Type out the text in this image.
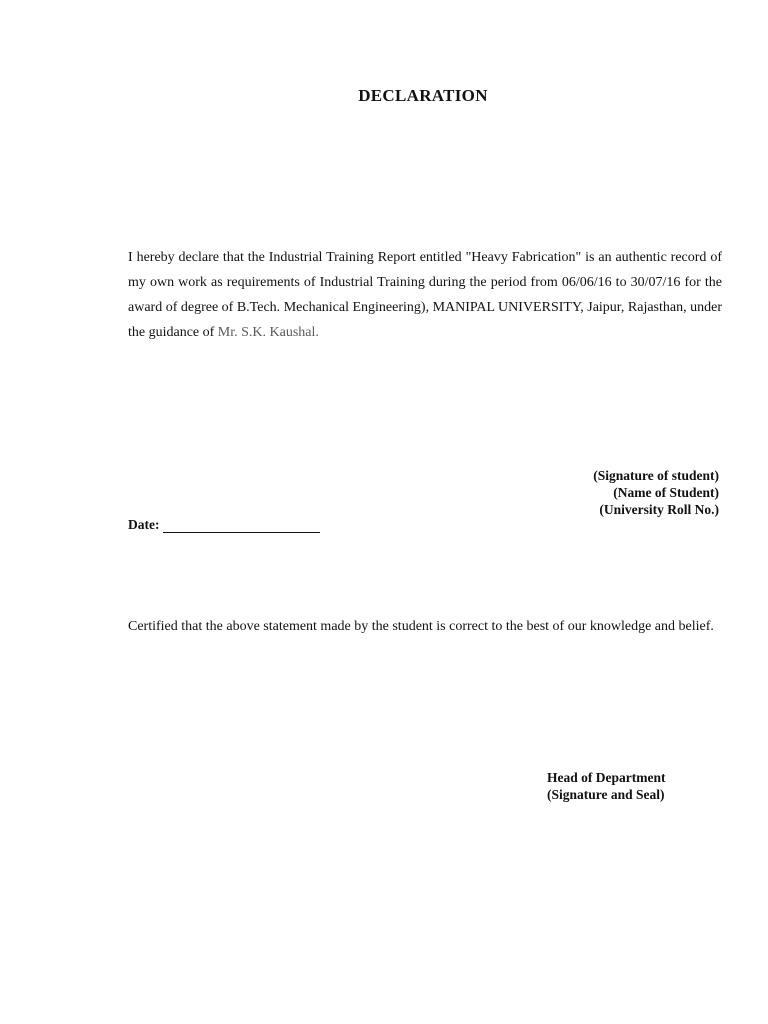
DECLARATION
I hereby declare that the Industrial Training Report entitled "Heavy Fabrication" is an authentic record of my own work as requirements of Industrial Training during the period from 06/06/16 to 30/07/16 for the award of degree of B.Tech. Mechanical Engineering), MANIPAL UNIVERSITY, Jaipur, Rajasthan, under the guidance of Mr. S.K. Kaushal.
(Signature of student)
(Name of Student)
(University Roll No.)
Date:
Certified that the above statement made by the student is correct to the best of our knowledge and belief.
Head of Department
(Signature and Seal)
